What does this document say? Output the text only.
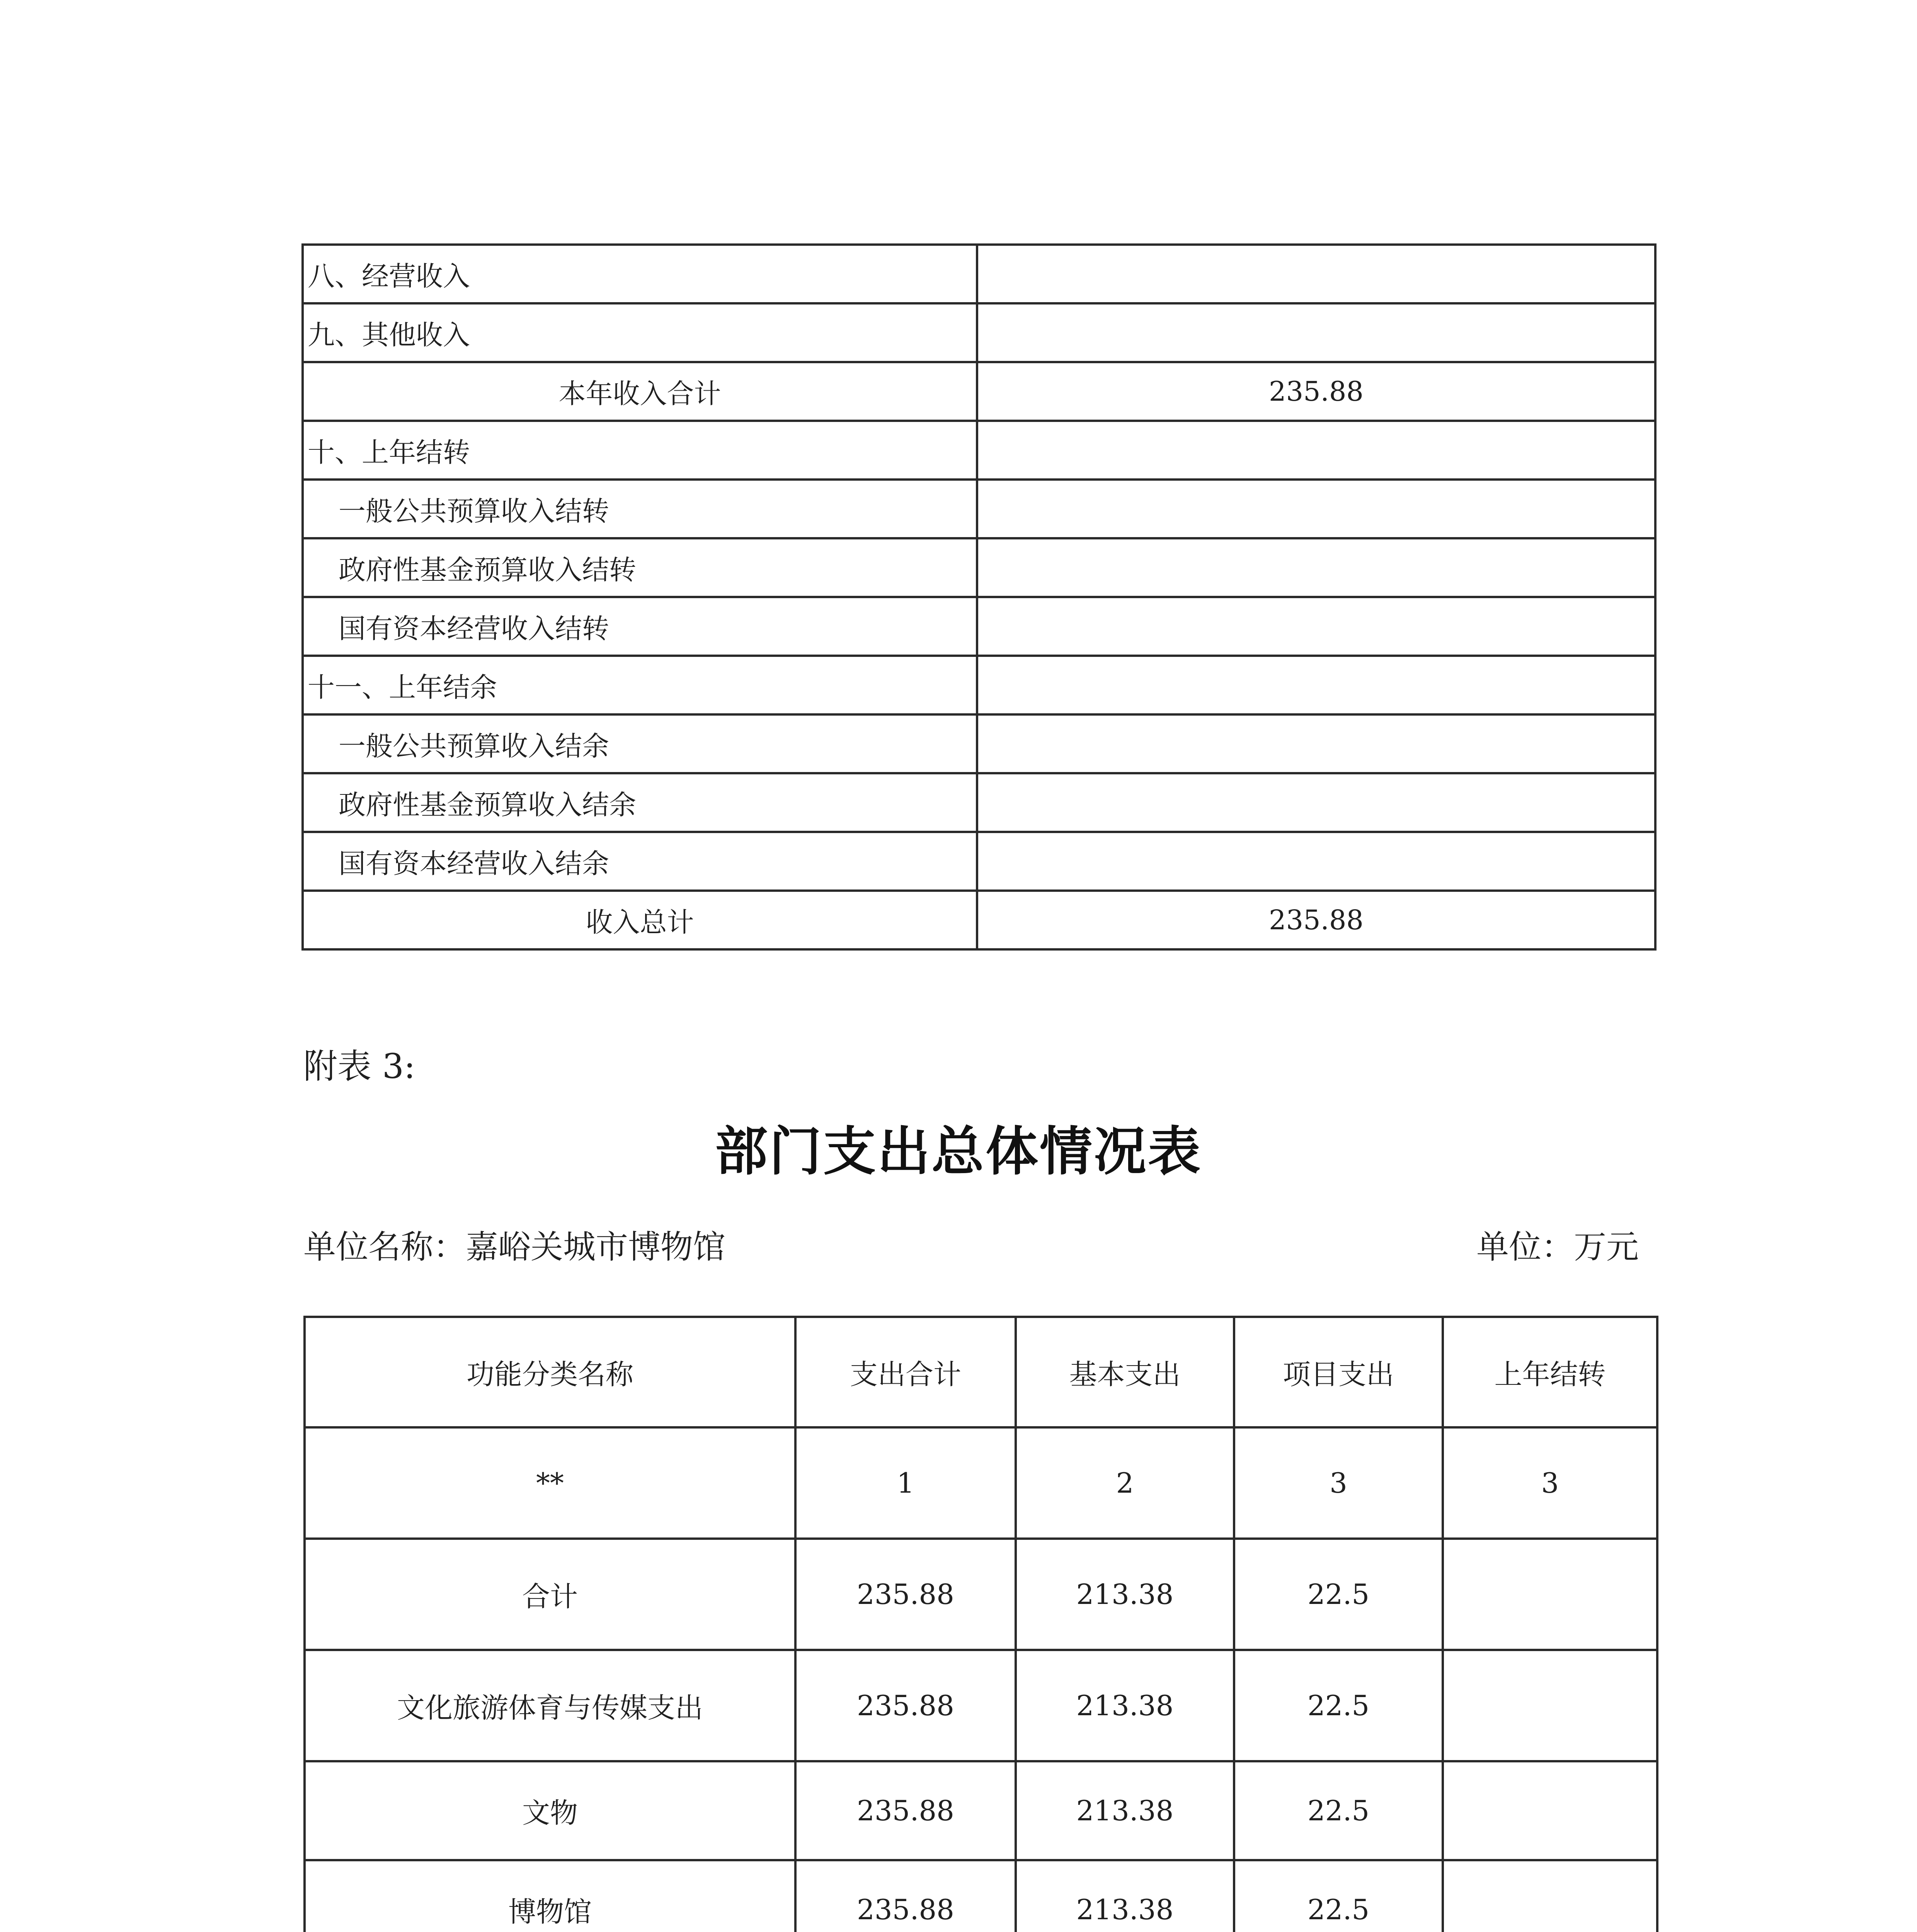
八、经营收入	
九、其他收入	
本年收入合计	235.88
十、上年结转	
一般公共预算收入结转	
政府性基金预算收入结转	
国有资本经营收入结转	
十一、上年结余	
一般公共预算收入结余	
政府性基金预算收入结余	
国有资本经营收入结余	
收入总计	235.88
附表 3:
部门支出总体情况表
单位名称：嘉峪关城市博物馆	单位：万元
功能分类名称	支出合计	基本支出	项目支出	上年结转
**	1	2	3	3
合计	235.88	213.38	22.5	
文化旅游体育与传媒支出	235.88	213.38	22.5	
文物	235.88	213.38	22.5	
博物馆	235.88	213.38	22.5	
